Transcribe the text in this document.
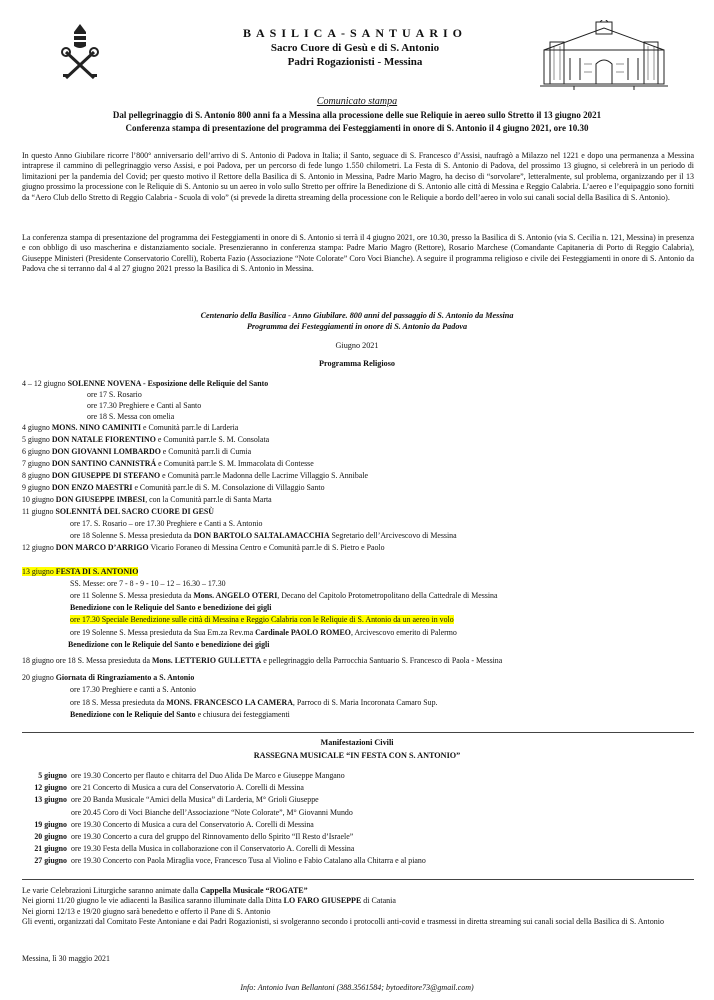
BASILICA-SANTUARIO
Sacro Cuore di Gesù e di S. Antonio
Padri Rogazionisti - Messina
Comunicato stampa
Dal pellegrinaggio di S. Antonio 800 anni fa a Messina alla processione delle sue Reliquie in aereo sullo Stretto il 13 giugno 2021
Conferenza stampa di presentazione del programma dei Festeggiamenti in onore di S. Antonio il 4 giugno 2021, ore 10.30
In questo Anno Giubilare ricorre l’800° anniversario dell’arrivo di S. Antonio di Padova in Italia; il Santo, seguace di S. Francesco d’Assisi, naufragò a Milazzo nel 1221 e dopo una permanenza a Messina intraprese il cammino di pellegrinaggio verso Assisi, e poi Padova, per un percorso di fede lungo 1.550 chilometri. La Festa di S. Antonio di Padova, del prossimo 13 giugno, si celebrerà in un periodo di limitazioni per la pandemia del Covid; per questo motivo il Rettore della Basilica di S. Antonio in Messina, Padre Mario Magro, ha deciso di “sorvolare”, letteralmente, sul problema, organizzando per il 13 giugno prossimo la processione con le Reliquie di S. Antonio su un aereo in volo sullo Stretto per offrire la Benedizione di S. Antonio alle città di Messina e Reggio Calabria. L’aereo e l’equipaggio sono forniti da “Aero Club dello Stretto di Reggio Calabria - Scuola di volo” (si prevede la diretta streaming della processione con le Reliquie a bordo dell’aereo in volo sui canali social della Basilica di S. Antonio).
La conferenza stampa di presentazione del programma dei Festeggiamenti in onore di S. Antonio si terrà il 4 giugno 2021, ore 10.30, presso la Basilica di S. Antonio (via S. Cecilia n. 121, Messina) in presenza e con obbligo di uso mascherina e distanziamento sociale. Presenzieranno in conferenza stampa: Padre Mario Magro (Rettore), Rosario Marchese (Comandante Capitaneria di Porto di Reggio Calabria), Giuseppe Ministeri (Presidente Conservatorio Corelli), Roberta Fazio (Associazione “Note Colorate” Coro Voci Bianche). A seguire il programma religioso e civile dei Festeggiamenti in onore di S. Antonio da Padova che si terranno dal 4 al 27 giugno 2021 presso la Basilica di S. Antonio in Messina.
Centenario della Basilica - Anno Giubilare. 800 anni del passaggio di S. Antonio da Messina
Programma dei Festeggiamenti in onore di S. Antonio da Padova
Giugno 2021
Programma Religioso
4 – 12 giugno SOLENNE NOVENA - Esposizione delle Reliquie del Santo
ore 17 S. Rosario
ore 17.30 Preghiere e Canti al Santo
ore 18 S. Messa con omelia
4 giugno MONS. NINO CAMINITI e Comunità parr.le di Larderia
5 giugno DON NATALE FIORENTINO e Comunità parr.le S. M. Consolata
6 giugno DON GIOVANNI LOMBARDO e Comunità parr.li di Cumia
7 giugno DON SANTINO CANNISTRÁ e Comunità parr.le S. M. Immacolata di Contesse
8 giugno DON GIUSEPPE DI STEFANO e Comunità parr.le Madonna delle Lacrime Villaggio S. Annibale
9 giugno DON ENZO MAESTRI e Comunità parr.le di S. M. Consolazione di Villaggio Santo
10 giugno DON GIUSEPPE IMBESI, con la Comunità parr.le di Santa Marta
11 giugno SOLENNITÁ DEL SACRO CUORE DI GESÙ
ore 17. S. Rosario – ore 17.30 Preghiere e Canti a S. Antonio
ore 18 Solenne S. Messa presieduta da DON BARTOLO SALTALAMACCHIA Segretario dell’Arcivescovo di Messina
12 giugno DON MARCO D’ARRIGO Vicario Foraneo di Messina Centro e Comunità parr.le di S. Pietro e Paolo
13 giugno FESTA DI S. ANTONIO
SS. Messe: ore 7 - 8 - 9 - 10 – 12 – 16.30 – 17.30
ore 11 Solenne S. Messa presieduta da Mons. ANGELO OTERI, Decano del Capitolo Protometropolitano della Cattedrale di Messina
Benedizione con le Reliquie del Santo e benedizione dei gigli
ore 17.30 Speciale Benedizione sulle città di Messina e Reggio Calabria con le Reliquie di S. Antonio da un aereo in volo
ore 19 Solenne S. Messa presieduta da Sua Em.za Rev.ma Cardinale PAOLO ROMEO, Arcivescovo emerito di Palermo
Benedizione con le Reliquie del Santo e benedizione dei gigli
18 giugno ore 18 S. Messa presieduta da Mons. LETTERIO GULLETTA e pellegrinaggio della Parrocchia Santuario S. Francesco di Paola - Messina
20 giugno Giornata di Ringraziamento a S. Antonio
ore 17.30 Preghiere e canti a S. Antonio
ore 18 S. Messa presieduta da MONS. FRANCESCO LA CAMERA, Parroco di S. Maria Incoronata Camaro Sup.
Benedizione con le Reliquie del Santo e chiusura dei festeggiamenti
Manifestazioni Civili
RASSEGNA MUSICALE “IN FESTA CON S. ANTONIO”
5 giugno ore 19.30 Concerto per flauto e chitarra del Duo Alida De Marco e Giuseppe Mangano
12 giugno ore 21 Concerto di Musica a cura del Conservatorio A. Corelli di Messina
13 giugno ore 20 Banda Musicale “Amici della Musica” di Larderia, M° Grioli Giuseppe
ore 20.45 Coro di Voci Bianche dell’Associazione “Note Colorate”, M° Giovanni Mundo
19 giugno ore 19.30 Concerto di Musica a cura del Conservatorio A. Corelli di Messina
20 giugno ore 19.30 Concerto a cura del gruppo del Rinnovamento dello Spirito “Il Resto d’Israele”
21 giugno ore 19.30 Festa della Musica in collaborazione con il Conservatorio A. Corelli di Messina
27 giugno ore 19.30 Concerto con Paola Miraglia voce, Francesco Tusa al Violino e Fabio Catalano alla Chitarra e al piano
Le varie Celebrazioni Liturgiche saranno animate dalla Cappella Musicale “ROGATE”
Nei giorni 11/20 giugno le vie adiacenti la Basilica saranno illuminate dalla Ditta LO FARO GIUSEPPE di Catania
Nei giorni 12/13 e 19/20 giugno sarà benedetto e offerto il Pane di S. Antonio
Gli eventi, organizzati dal Comitato Feste Antoniane e dai Padri Rogazionisti, si svolgeranno secondo i protocolli anti-covid e trasmessi in diretta streaming sui canali social della Basilica di S. Antonio
Messina, lì 30 maggio 2021
Info: Antonio Ivan Bellantoni (388.3561584; bytoeditore73@gmail.com)
